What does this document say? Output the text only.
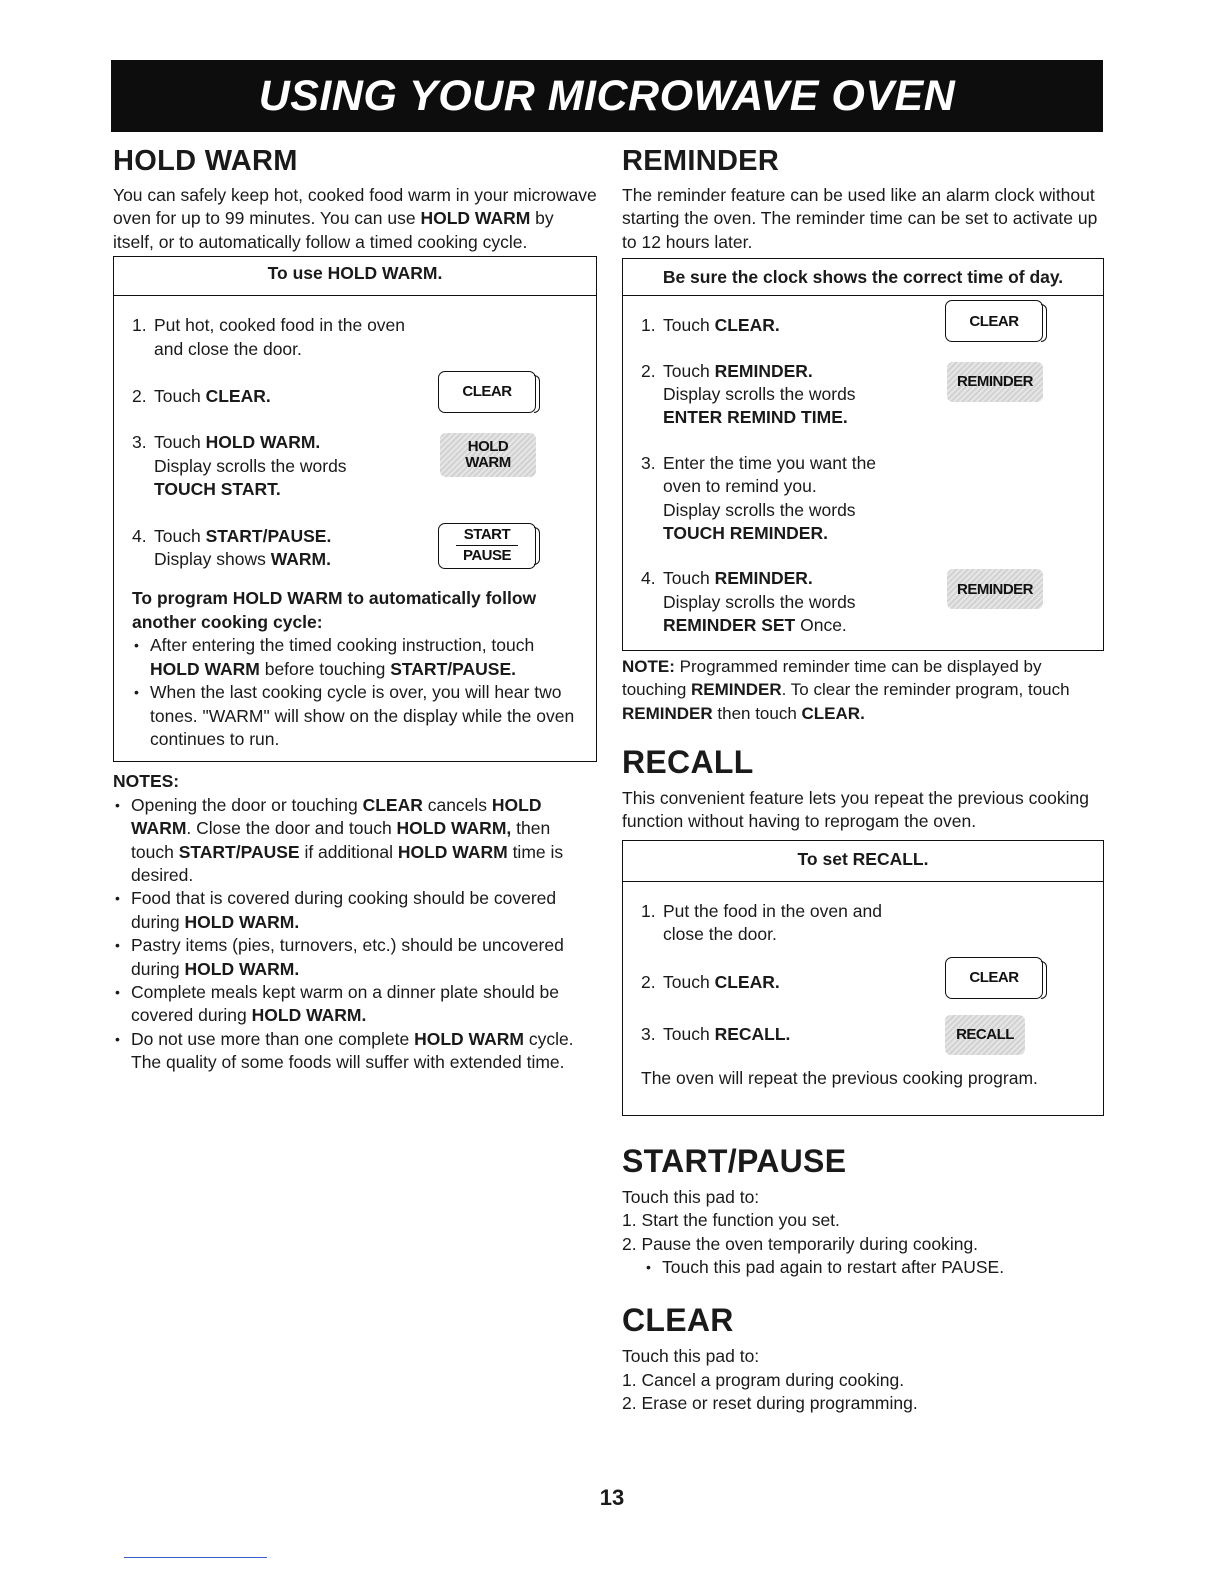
USING YOUR MICROWAVE OVEN
HOLD WARM

You can safely keep hot, cooked food warm in your microwave oven for up to 99 minutes. You can use HOLD WARM by itself, or to automatically follow a timed cooking cycle.

To use HOLD WARM.
1. Put hot, cooked food in the oven
and close the door.
2. Touch CLEAR.	CLEAR
3. Touch HOLD WARM.
Display scrolls the words
TOUCH START.
HOLD
WARM
4. Touch START/PAUSE.
Display shows WARM.
START
PAUSE

To program HOLD WARM to automatically follow another cooking cycle:

• After entering the timed cooking instruction, touch HOLD WARM before touching START/PAUSE.
• When the last cooking cycle is over, you will hear two tones. "WARM" will show on the display while the oven continues to run.

NOTES:

• Opening the door or touching CLEAR cancels HOLD WARM. Close the door and touch HOLD WARM, then touch START/PAUSE if additional HOLD WARM time is desired.
• Food that is covered during cooking should be covered during HOLD WARM.
• Pastry items (pies, turnovers, etc.) should be uncovered during HOLD WARM.
• Complete meals kept warm on a dinner plate should be covered during HOLD WARM.
• Do not use more than one complete HOLD WARM cycle. The quality of some foods will suffer with extended time.
REMINDER

The reminder feature can be used like an alarm clock without starting the oven. The reminder time can be set to activate up to 12 hours later.

Be sure the clock shows the correct time of day.
1. Touch CLEAR.	CLEAR
2. Touch REMINDER.
Display scrolls the words
ENTER REMIND TIME.
REMINDER
3. Enter the time you want the
oven to remind you.
Display scrolls the words
TOUCH REMINDER.
4. Touch REMINDER.
Display scrolls the words
REMINDER SET Once.
REMINDER

NOTE: Programmed reminder time can be displayed by touching REMINDER. To clear the reminder program, touch REMINDER then touch CLEAR.

RECALL

This convenient feature lets you repeat the previous cooking function without having to reprogam the oven.

To set RECALL.
1. Put the food in the oven and
close the door.
2. Touch CLEAR.	CLEAR
3. Touch RECALL.	RECALL

The oven will repeat the previous cooking program.

START/PAUSE
Touch this pad to:
1. Start the function you set.
2. Pause the oven temporarily during cooking.
• Touch this pad again to restart after PAUSE.
CLEAR
Touch this pad to:
1. Cancel a program during cooking.
2. Erase or reset during programming.
13
